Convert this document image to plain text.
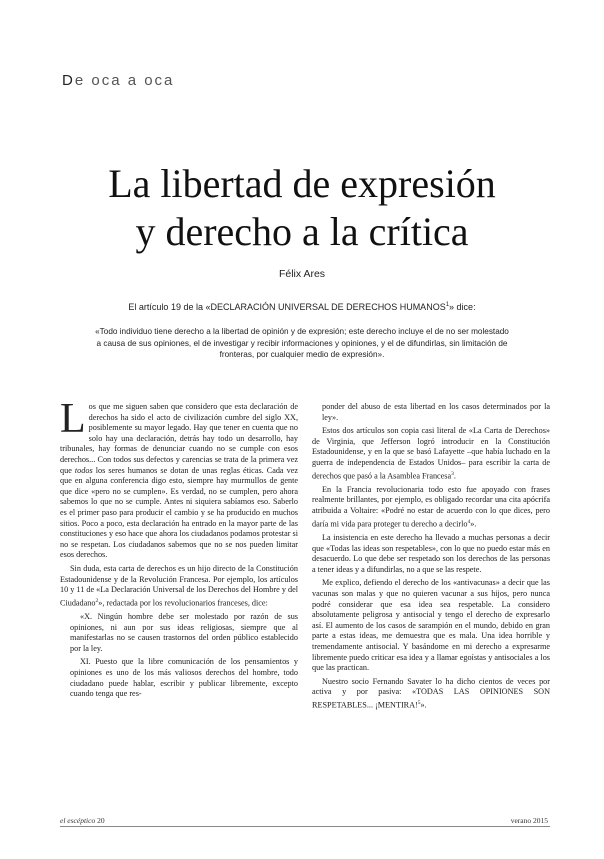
De oca a oca
La libertad de expresión
y derecho a la crítica
Félix Ares
El artículo 19 de la «DECLARACIÓN UNIVERSAL DE DERECHOS HUMANOS$^1$» dice:
«Todo individuo tiene derecho a la libertad de opinión y de expresión; este derecho incluye el de no ser molestado a causa de sus opiniones, el de investigar y recibir informaciones y opiniones, y el de difundirlas, sin limitación de fronteras, por cualquier medio de expresión».

Los que me siguen saben que considero que esta declaración de derechos ha sido el acto de civilización cumbre del siglo XX, posiblemente su mayor legado. Hay que tener en cuenta que no solo hay una declaración, detrás hay todo un desarrollo, hay tribunales, hay formas de denunciar cuando no se cumple con esos derechos... Con todos sus defectos y carencias se trata de la primera vez que todos los seres humanos se dotan de unas reglas éticas. Cada vez que en alguna conferencia digo esto, siempre hay murmullos de gente que dice «pero no se cumplen». Es verdad, no se cumplen, pero ahora sabemos lo que no se cumple. Antes ni siquiera sabíamos eso. Saberlo es el primer paso para producir el cambio y se ha producido en muchos sitios. Poco a poco, esta declaración ha entrado en la mayor parte de las constituciones y eso hace que ahora los ciudadanos podamos protestar si no se respetan. Los ciudadanos sabemos que no se nos pueden limitar esos derechos.

Sin duda, esta carta de derechos es un hijo directo de la Constitución Estadounidense y de la Revolución Francesa. Por ejemplo, los artículos 10 y 11 de «La Declaración Universal de los Derechos del Hombre y del Ciudadano$^2$», redactada por los revolucionarios franceses, dice:

«X. Ningún hombre debe ser molestado por razón de sus opiniones, ni aun por sus ideas religiosas, siempre que al manifestarlas no se causen trastornos del orden público establecido por la ley.

XI. Puesto que la libre comunicación de los pensamientos y opiniones es uno de los más valiosos derechos del hombre, todo ciudadano puede hablar, escribir y publicar libremente, excepto cuando tenga que res-

ponder del abuso de esta libertad en los casos determinados por la ley».

Estos dos artículos son copia casi literal de «La Carta de Derechos» de Virginia, que Jefferson logró introducir en la Constitución Estadounidense, y en la que se basó Lafayette –que había luchado en la guerra de independencia de Estados Unidos– para escribir la carta de derechos que pasó a la Asamblea Francesa$^3$.

En la Francia revolucionaria todo esto fue apoyado con frases realmente brillantes, por ejemplo, es obligado recordar una cita apócrifa atribuida a Voltaire: «Podré no estar de acuerdo con lo que dices, pero daría mi vida para proteger tu derecho a decirlo$^4$».

La insistencia en este derecho ha llevado a muchas personas a decir que «Todas las ideas son respetables», con lo que no puedo estar más en desacuerdo. Lo que debe ser respetado son los derechos de las personas a tener ideas y a difundirlas, no a que se las respete.

Me explico, defiendo el derecho de los «antivacunas» a decir que las vacunas son malas y que no quieren vacunar a sus hijos, pero nunca podré considerar que esa idea sea respetable. La considero absolutamente peligrosa y antisocial y tengo el derecho de expresarlo así. El aumento de los casos de sarampión en el mundo, debido en gran parte a estas ideas, me demuestra que es mala. Una idea horrible y tremendamente antisocial. Y basándome en mi derecho a expresarme libremente puedo criticar esa idea y a llamar egoístas y antisociales a los que las practican.

Nuestro socio Fernando Savater lo ha dicho cientos de veces por activa y por pasiva: «TODAS LAS OPINIONES SON RESPETABLES... ¡MENTIRA!$^5$».

el escéptico 20	verano 2015
